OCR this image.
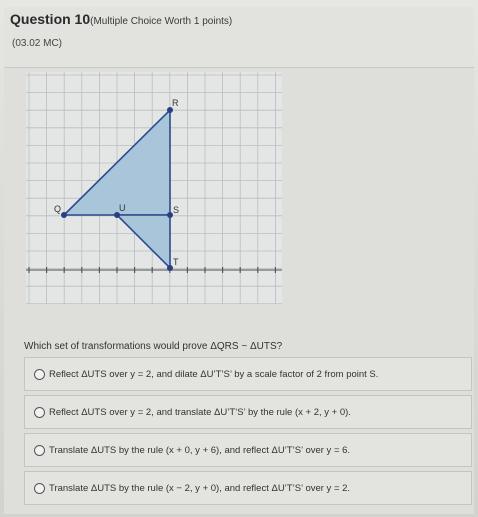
Question 10(Multiple Choice Worth 1 points)
(03.02 MC)
R
Q	U	S
T
Which set of transformations would prove ΔQRS ~ ΔUTS?
Reflect ΔUTS over y = 2, and dilate ΔU’T’S’ by a scale factor of 2 from point S.
Reflect ΔUTS over y = 2, and translate ΔU’T’S’ by the rule (x + 2, y + 0).
Translate ΔUTS by the rule (x + 0, y + 6), and reflect ΔU’T’S’ over y = 6.
Translate ΔUTS by the rule (x − 2, y + 0), and reflect ΔU’T’S’ over y = 2.
